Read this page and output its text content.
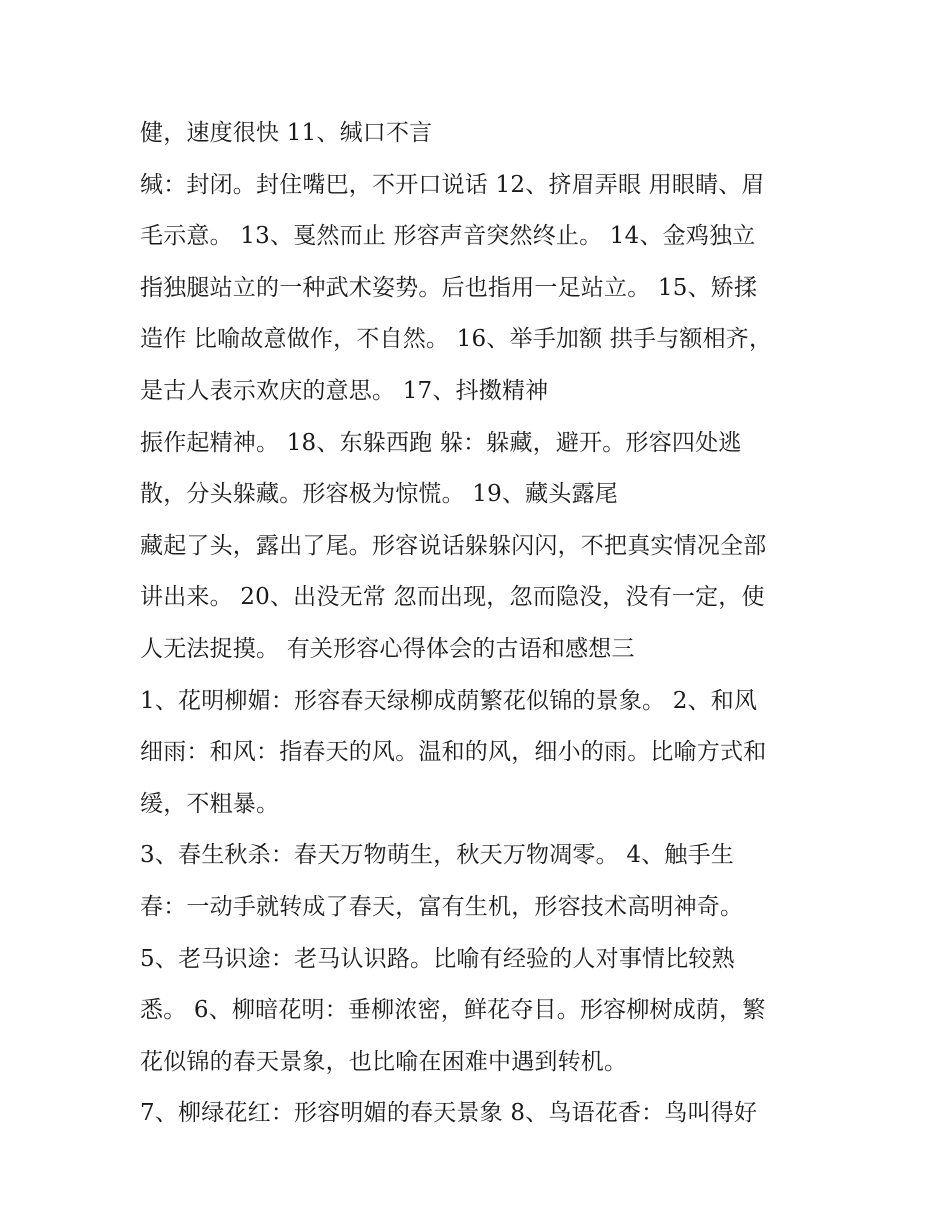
健，速度很快 11、缄口不言
缄：封闭。封住嘴巴，不开口说话 12、挤眉弄眼 用眼睛、眉
毛示意。 13、戛然而止 形容声音突然终止。 14、金鸡独立
指独腿站立的一种武术姿势。后也指用一足站立。 15、矫揉
造作 比喻故意做作，不自然。 16、举手加额 拱手与额相齐，
是古人表示欢庆的意思。 17、抖擞精神
振作起精神。 18、东躲西跑 躲：躲藏，避开。形容四处逃
散，分头躲藏。形容极为惊慌。 19、藏头露尾
藏起了头，露出了尾。形容说话躲躲闪闪，不把真实情况全部
讲出来。 20、出没无常 忽而出现，忽而隐没，没有一定，使
人无法捉摸。 有关形容心得体会的古语和感想三
1、花明柳媚：形容春天绿柳成荫繁花似锦的景象。 2、和风
细雨：和风：指春天的风。温和的风，细小的雨。比喻方式和
缓，不粗暴。
3、春生秋杀：春天万物萌生，秋天万物凋零。 4、触手生
春：一动手就转成了春天，富有生机，形容技术高明神奇。
5、老马识途：老马认识路。比喻有经验的人对事情比较熟
悉。 6、柳暗花明：垂柳浓密，鲜花夺目。形容柳树成荫，繁
花似锦的春天景象，也比喻在困难中遇到转机。
7、柳绿花红：形容明媚的春天景象 8、鸟语花香：鸟叫得好
